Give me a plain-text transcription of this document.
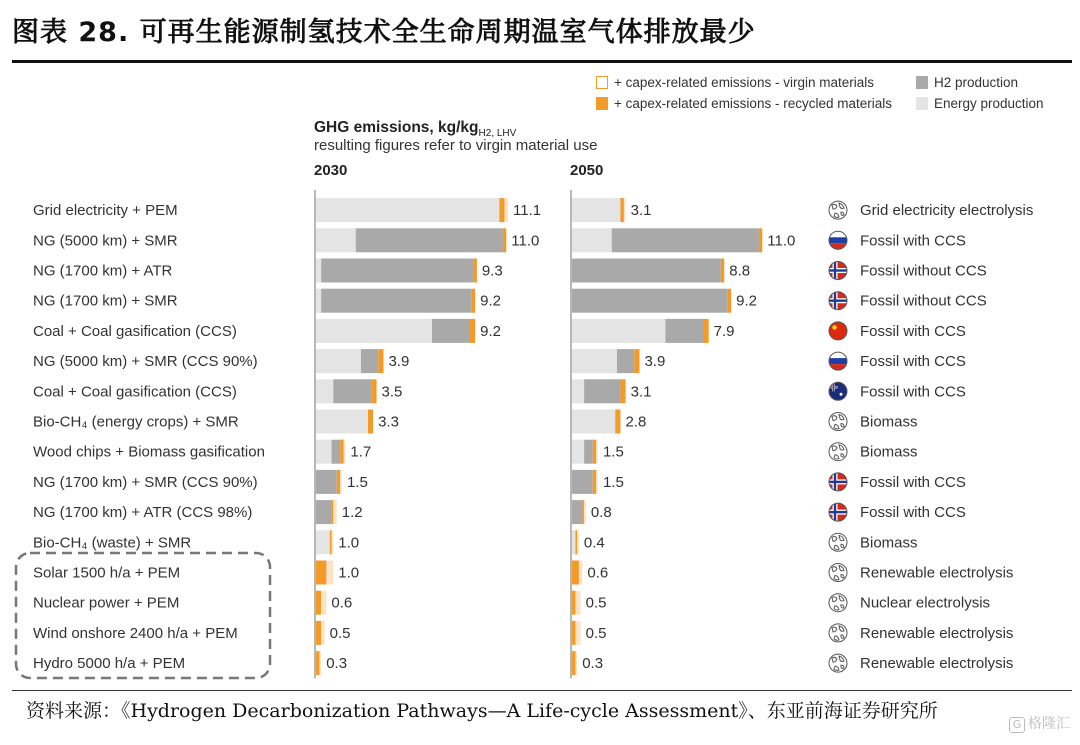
图表 28. 可再生能源制氢技术全生命周期温室气体排放最少
+ capex-related emissions - virgin materials
+ capex-related emissions - recycled materials
H2 production
Energy production
GHG emissions, $kg/kg_{H2, LHV}$
resulting figures refer to virgin material use
2030	2050
Grid electricity + PEM	11.1	3.1	Grid electricity electrolysis
NG (5000 km) + SMR	11.0	11.0	Fossil with CCS
NG (1700 km) + ATR	9.3	8.8	Fossil without CCS
NG (1700 km) + SMR	9.2	9.2	Fossil without CCS
Coal + Coal gasification (CCS)	9.2	7.9	Fossil with CCS
NG (5000 km) + SMR (CCS 90%)	3.9	3.9	Fossil with CCS
Coal + Coal gasification (CCS)	3.5	3.1	Fossil with CCS
Bio-CH₄ (energy crops) + SMR	3.3	2.8	Biomass
Wood chips + Biomass gasification	1.7	1.5	Biomass
NG (1700 km) + SMR (CCS 90%)	1.5	1.5	Fossil with CCS
NG (1700 km) + ATR (CCS 98%)	1.2	0.8	Fossil with CCS
Bio-CH₄ (waste) + SMR	1.0	0.4	Biomass
Solar 1500 h/a + PEM	1.0	0.6	Renewable electrolysis
Nuclear power + PEM	0.6	0.5	Nuclear electrolysis
Wind onshore 2400 h/a + PEM	0.5	0.5	Renewable electrolysis
Hydro 5000 h/a + PEM	0.3	0.3	Renewable electrolysis
资料来源：《Hydrogen Decarbonization Pathways—A Life-cycle Assessment》、东亚前海证券研究所
G 格隆汇
